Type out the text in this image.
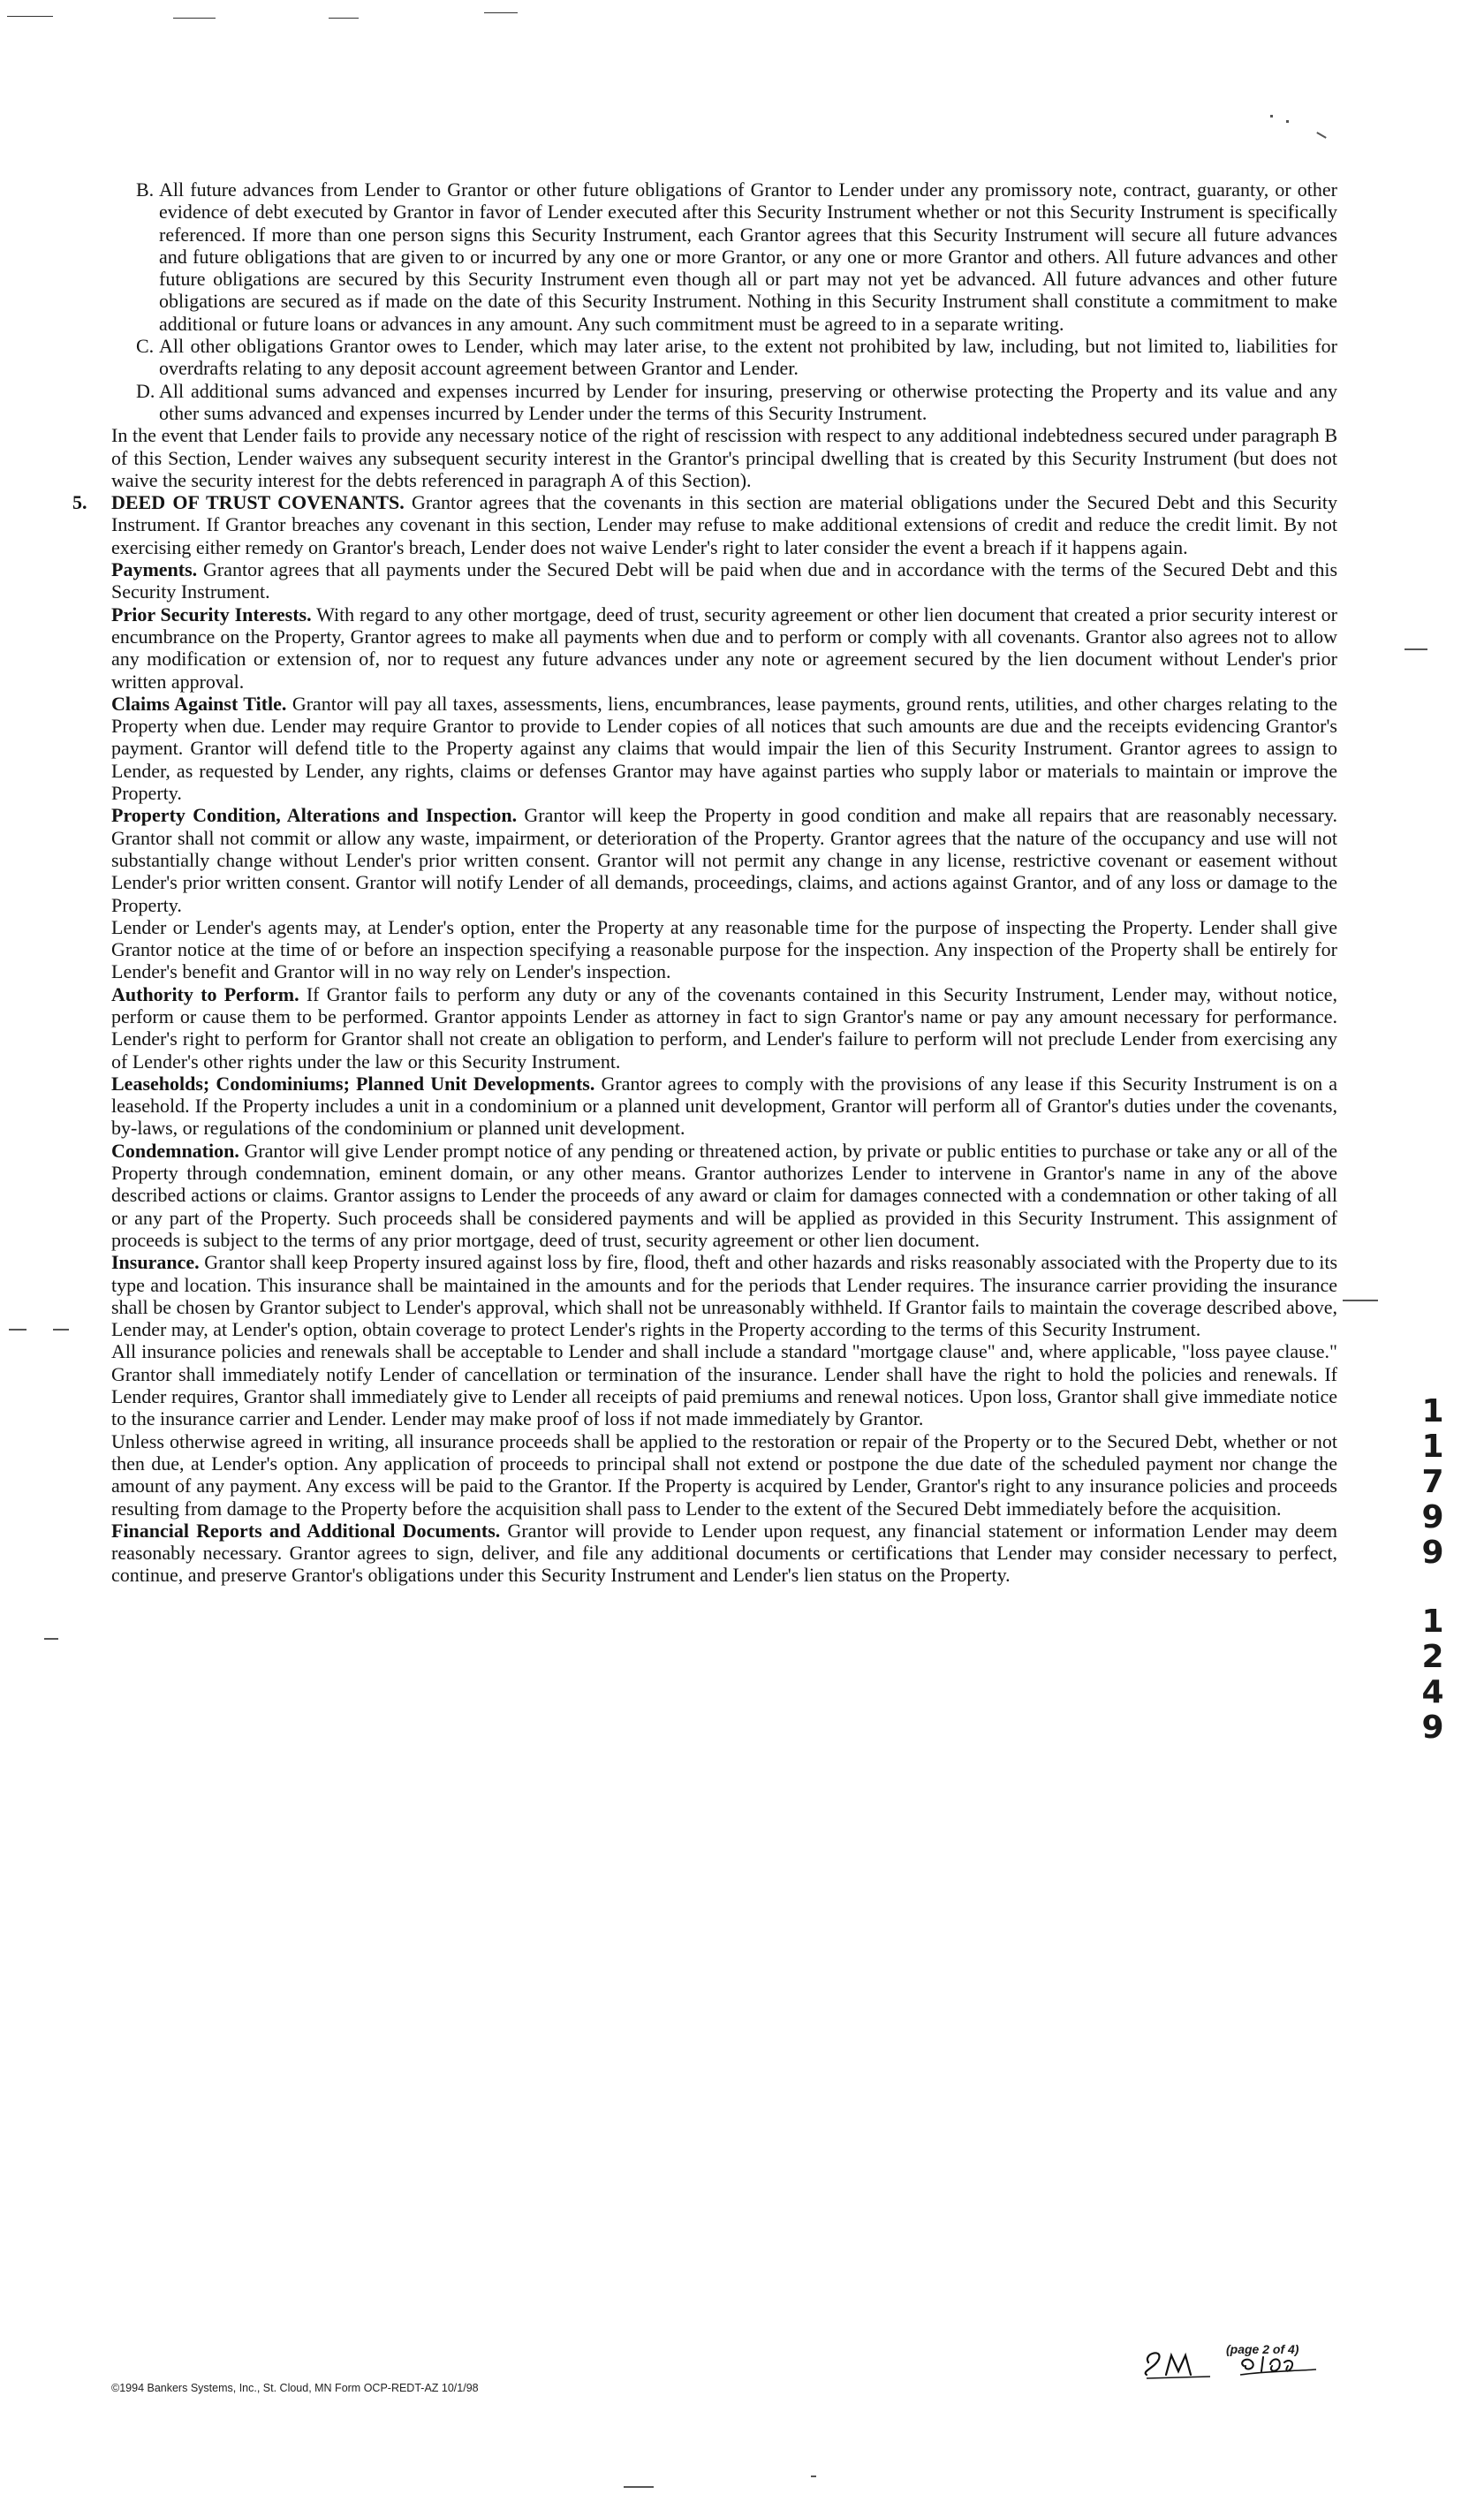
B. All future advances from Lender to Grantor or other future obligations of Grantor to Lender under any promissory note, contract, guaranty, or other evidence of debt executed by Grantor in favor of Lender executed after this Security Instrument whether or not this Security Instrument is specifically referenced. If more than one person signs this Security Instrument, each Grantor agrees that this Security Instrument will secure all future advances and future obligations that are given to or incurred by any one or more Grantor, or any one or more Grantor and others. All future advances and other future obligations are secured by this Security Instrument even though all or part may not yet be advanced. All future advances and other future obligations are secured as if made on the date of this Security Instrument. Nothing in this Security Instrument shall constitute a commitment to make additional or future loans or advances in any amount. Any such commitment must be agreed to in a separate writing.

C. All other obligations Grantor owes to Lender, which may later arise, to the extent not prohibited by law, including, but not limited to, liabilities for overdrafts relating to any deposit account agreement between Grantor and Lender.

D. All additional sums advanced and expenses incurred by Lender for insuring, preserving or otherwise protecting the Property and its value and any other sums advanced and expenses incurred by Lender under the terms of this Security Instrument.

In the event that Lender fails to provide any necessary notice of the right of rescission with respect to any additional indebtedness secured under paragraph B of this Section, Lender waives any subsequent security interest in the Grantor's principal dwelling that is created by this Security Instrument (but does not waive the security interest for the debts referenced in paragraph A of this Section).

5. DEED OF TRUST COVENANTS. Grantor agrees that the covenants in this section are material obligations under the Secured Debt and this Security Instrument. If Grantor breaches any covenant in this section, Lender may refuse to make additional extensions of credit and reduce the credit limit. By not exercising either remedy on Grantor's breach, Lender does not waive Lender's right to later consider the event a breach if it happens again.

Payments. Grantor agrees that all payments under the Secured Debt will be paid when due and in accordance with the terms of the Secured Debt and this Security Instrument.

Prior Security Interests. With regard to any other mortgage, deed of trust, security agreement or other lien document that created a prior security interest or encumbrance on the Property, Grantor agrees to make all payments when due and to perform or comply with all covenants. Grantor also agrees not to allow any modification or extension of, nor to request any future advances under any note or agreement secured by the lien document without Lender's prior written approval.

Claims Against Title. Grantor will pay all taxes, assessments, liens, encumbrances, lease payments, ground rents, utilities, and other charges relating to the Property when due. Lender may require Grantor to provide to Lender copies of all notices that such amounts are due and the receipts evidencing Grantor's payment. Grantor will defend title to the Property against any claims that would impair the lien of this Security Instrument. Grantor agrees to assign to Lender, as requested by Lender, any rights, claims or defenses Grantor may have against parties who supply labor or materials to maintain or improve the Property.

Property Condition, Alterations and Inspection. Grantor will keep the Property in good condition and make all repairs that are reasonably necessary. Grantor shall not commit or allow any waste, impairment, or deterioration of the Property. Grantor agrees that the nature of the occupancy and use will not substantially change without Lender's prior written consent. Grantor will not permit any change in any license, restrictive covenant or easement without Lender's prior written consent. Grantor will notify Lender of all demands, proceedings, claims, and actions against Grantor, and of any loss or damage to the Property.

Lender or Lender's agents may, at Lender's option, enter the Property at any reasonable time for the purpose of inspecting the Property. Lender shall give Grantor notice at the time of or before an inspection specifying a reasonable purpose for the inspection. Any inspection of the Property shall be entirely for Lender's benefit and Grantor will in no way rely on Lender's inspection.

Authority to Perform. If Grantor fails to perform any duty or any of the covenants contained in this Security Instrument, Lender may, without notice, perform or cause them to be performed. Grantor appoints Lender as attorney in fact to sign Grantor's name or pay any amount necessary for performance. Lender's right to perform for Grantor shall not create an obligation to perform, and Lender's failure to perform will not preclude Lender from exercising any of Lender's other rights under the law or this Security Instrument.

Leaseholds; Condominiums; Planned Unit Developments. Grantor agrees to comply with the provisions of any lease if this Security Instrument is on a leasehold. If the Property includes a unit in a condominium or a planned unit development, Grantor will perform all of Grantor's duties under the covenants, by-laws, or regulations of the condominium or planned unit development.

Condemnation. Grantor will give Lender prompt notice of any pending or threatened action, by private or public entities to purchase or take any or all of the Property through condemnation, eminent domain, or any other means. Grantor authorizes Lender to intervene in Grantor's name in any of the above described actions or claims. Grantor assigns to Lender the proceeds of any award or claim for damages connected with a condemnation or other taking of all or any part of the Property. Such proceeds shall be considered payments and will be applied as provided in this Security Instrument. This assignment of proceeds is subject to the terms of any prior mortgage, deed of trust, security agreement or other lien document.

Insurance. Grantor shall keep Property insured against loss by fire, flood, theft and other hazards and risks reasonably associated with the Property due to its type and location. This insurance shall be maintained in the amounts and for the periods that Lender requires. The insurance carrier providing the insurance shall be chosen by Grantor subject to Lender's approval, which shall not be unreasonably withheld. If Grantor fails to maintain the coverage described above, Lender may, at Lender's option, obtain coverage to protect Lender's rights in the Property according to the terms of this Security Instrument.

All insurance policies and renewals shall be acceptable to Lender and shall include a standard "mortgage clause" and, where applicable, "loss payee clause." Grantor shall immediately notify Lender of cancellation or termination of the insurance. Lender shall have the right to hold the policies and renewals. If Lender requires, Grantor shall immediately give to Lender all receipts of paid premiums and renewal notices. Upon loss, Grantor shall give immediate notice to the insurance carrier and Lender. Lender may make proof of loss if not made immediately by Grantor.

Unless otherwise agreed in writing, all insurance proceeds shall be applied to the restoration or repair of the Property or to the Secured Debt, whether or not then due, at Lender's option. Any application of proceeds to principal shall not extend or postpone the due date of the scheduled payment nor change the amount of any payment. Any excess will be paid to the Grantor. If the Property is acquired by Lender, Grantor's right to any insurance policies and proceeds resulting from damage to the Property before the acquisition shall pass to Lender to the extent of the Secured Debt immediately before the acquisition.

Financial Reports and Additional Documents. Grantor will provide to Lender upon request, any financial statement or information Lender may deem reasonably necessary. Grantor agrees to sign, deliver, and file any additional documents or certifications that Lender may consider necessary to perfect, continue, and preserve Grantor's obligations under this Security Instrument and Lender's lien status on the Property.

1
1
7
9
9
1
2
4
9
(page 2 of 4)
©1994 Bankers Systems, Inc., St. Cloud, MN Form OCP-REDT-AZ 10/1/98
